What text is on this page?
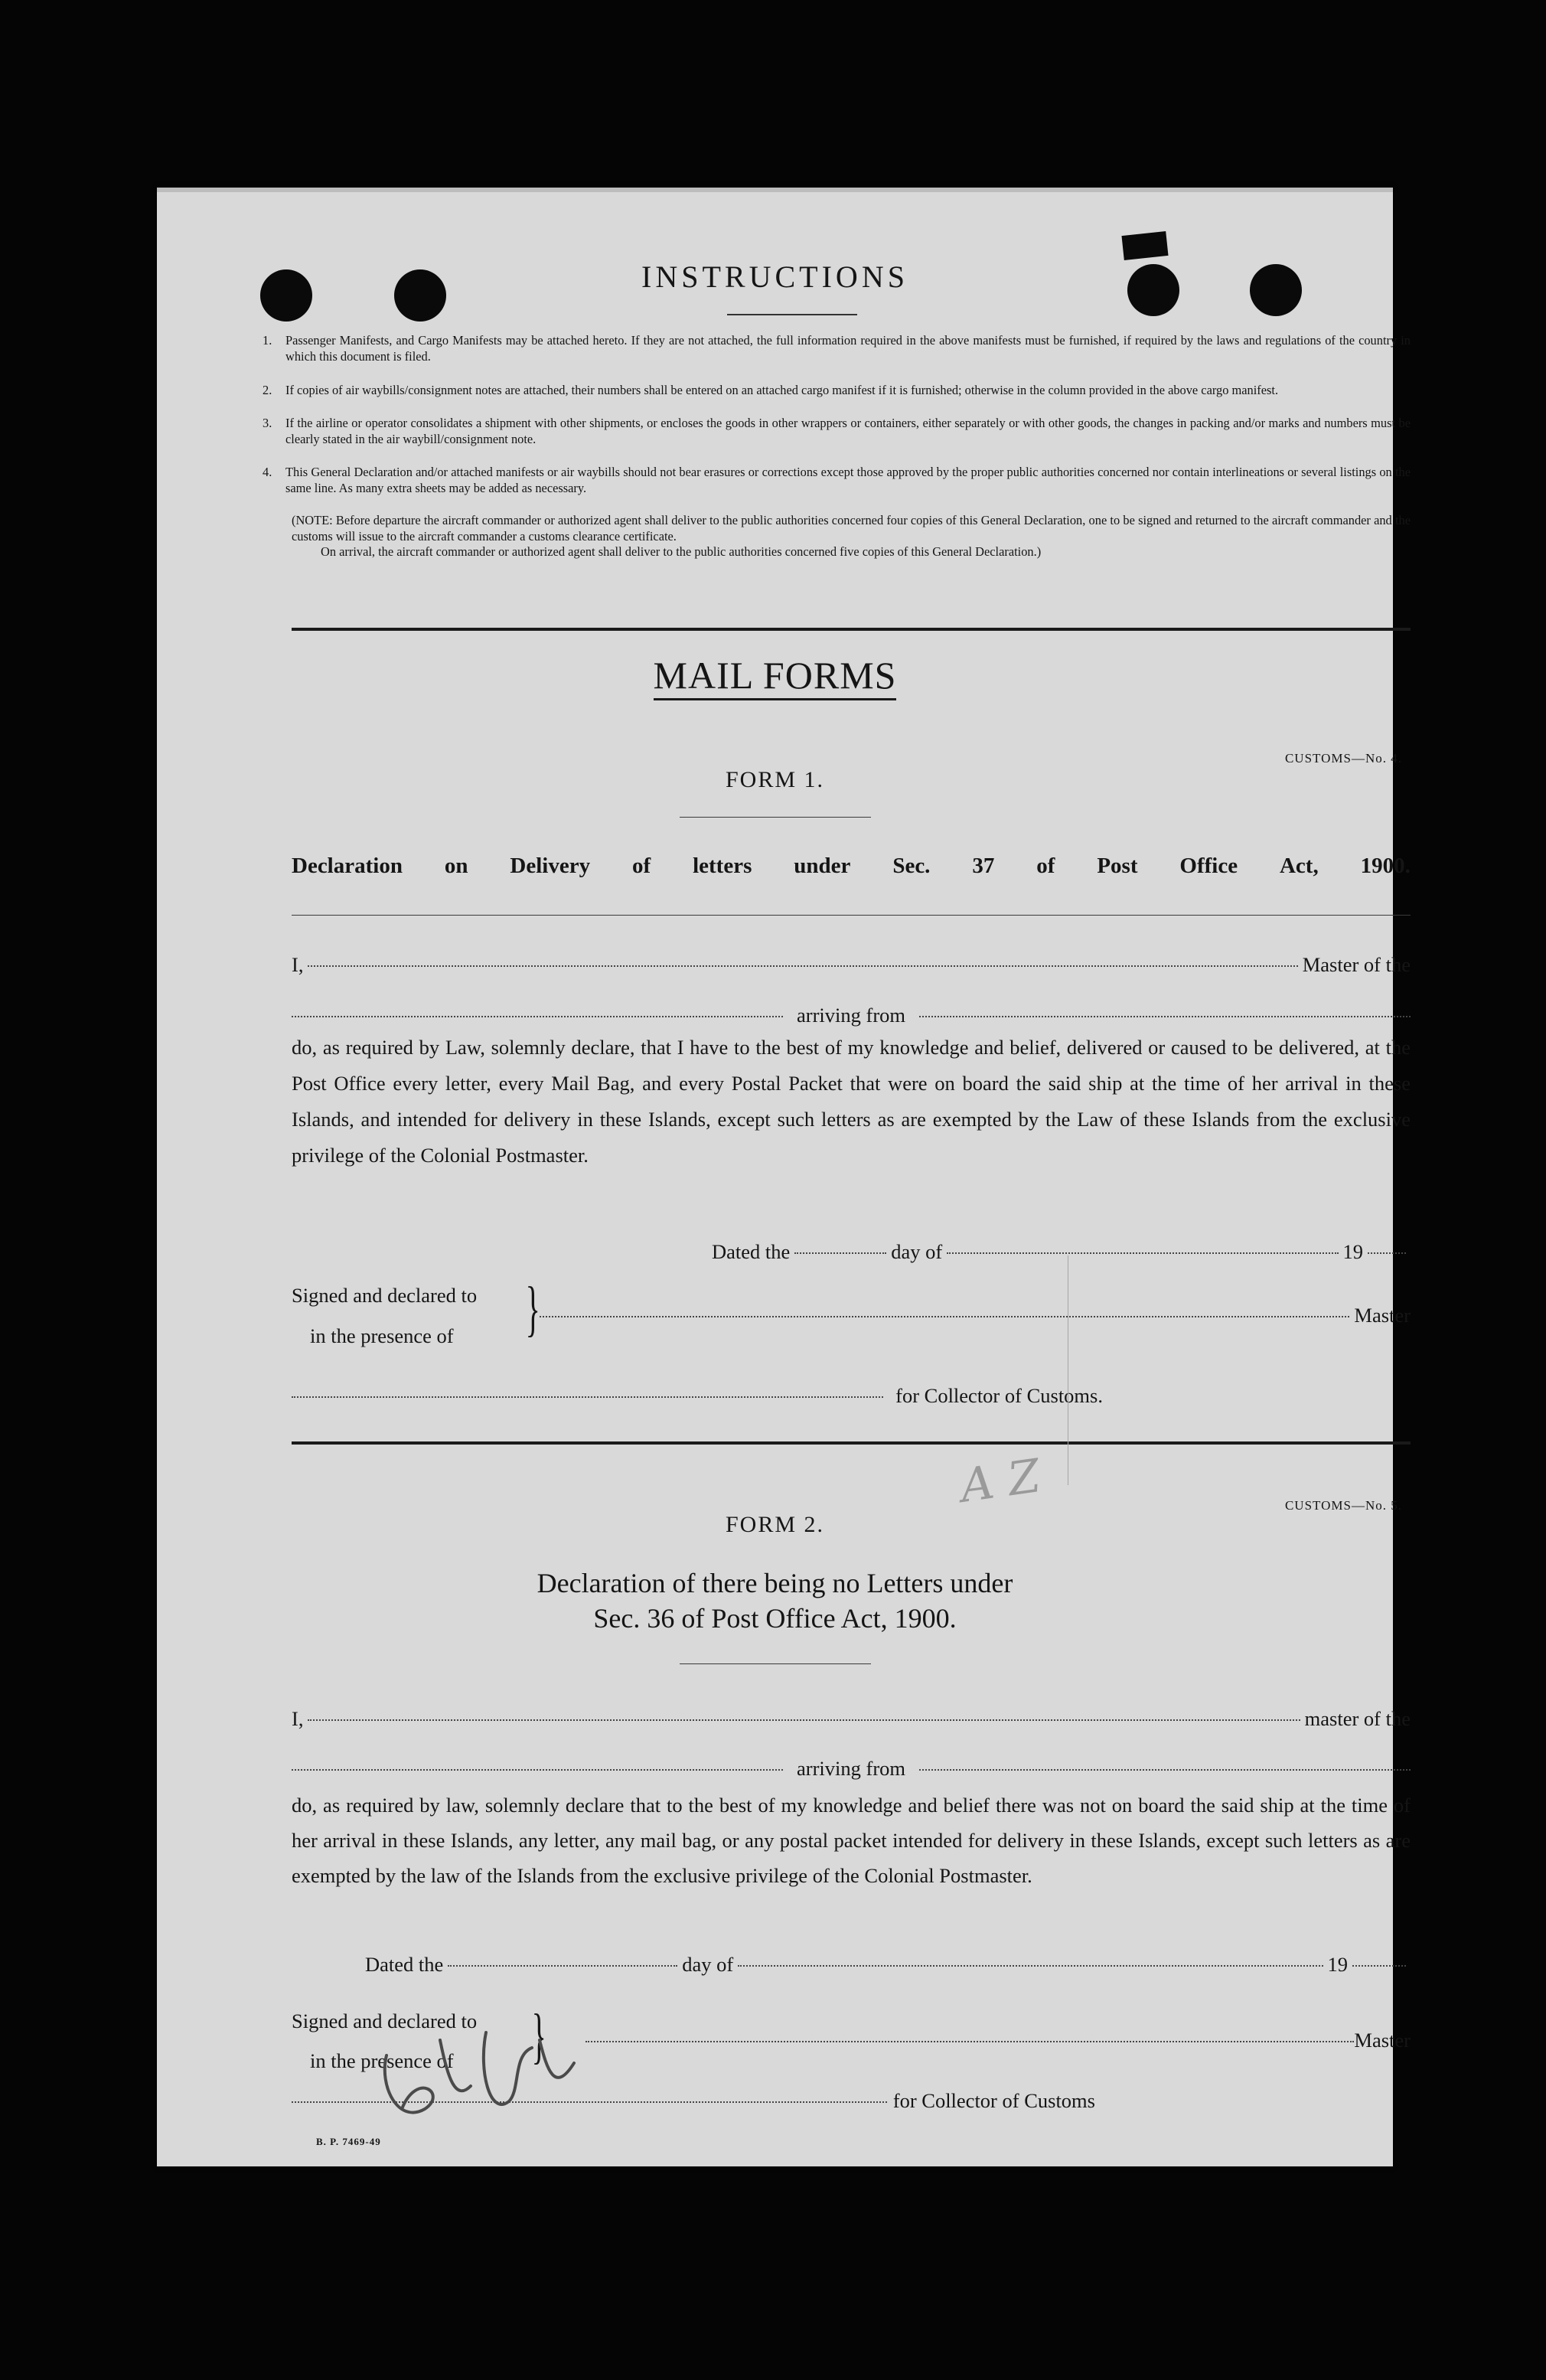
INSTRUCTIONS
1. Passenger Manifests, and Cargo Manifests may be attached hereto. If they are not attached, the full information required in the above manifests must be furnished, if required by the laws and regulations of the country in which this document is filed.
2. If copies of air waybills/consignment notes are attached, their numbers shall be entered on an attached cargo manifest if it is furnished; otherwise in the column provided in the above cargo manifest.
3. If the airline or operator consolidates a shipment with other shipments, or encloses the goods in other wrappers or containers, either separately or with other goods, the changes in packing and/or marks and numbers must be clearly stated in the air waybill/consignment note.
4. This General Declaration and/or attached manifests or air waybills should not bear erasures or corrections except those approved by the proper public authorities concerned nor contain interlineations or several listings on the same line. As many extra sheets may be added as necessary.
(NOTE: Before departure the aircraft commander or authorized agent shall deliver to the public authorities concerned four copies of this General Declaration, one to be signed and returned to the aircraft commander and the customs will issue to the aircraft commander a customs clearance certificate.
On arrival, the aircraft commander or authorized agent shall deliver to the public authorities concerned five copies of this General Declaration.)
MAIL FORMS
CUSTOMS—No. 4.
FORM 1.
Declaration on Delivery of letters under Sec. 37 of Post Office Act, 1900.
I,	Master of the
arriving from
do, as required by Law, solemnly declare, that I have to the best of my knowledge and belief, delivered or caused to be delivered, at the Post Office every letter, every Mail Bag, and every Postal Packet that were on board the said ship at the time of her arrival in these Islands, and intended for delivery in these Islands, except such letters as are exempted by the Law of these Islands from the exclusive privilege of the Colonial Postmaster.
Dated the	day of	19
Signed and declared to
in the presence of }	Master
for Collector of Customs.
A Z	CUSTOMS—No. 5.
FORM 2.
Declaration of there being no Letters under
Sec. 36 of Post Office Act, 1900.
I,	master of the
arriving from
do, as required by law, solemnly declare that to the best of my knowledge and belief there was not on board the said ship at the time of her arrival in these Islands, any letter, any mail bag, or any postal packet intended for delivery in these Islands, except such letters as are exempted by the law of the Islands from the exclusive privilege of the Colonial Postmaster.
Dated the	day of	19
Signed and declared to
in the presence of }	Master
for Collector of Customs
B. P. 7469-49
